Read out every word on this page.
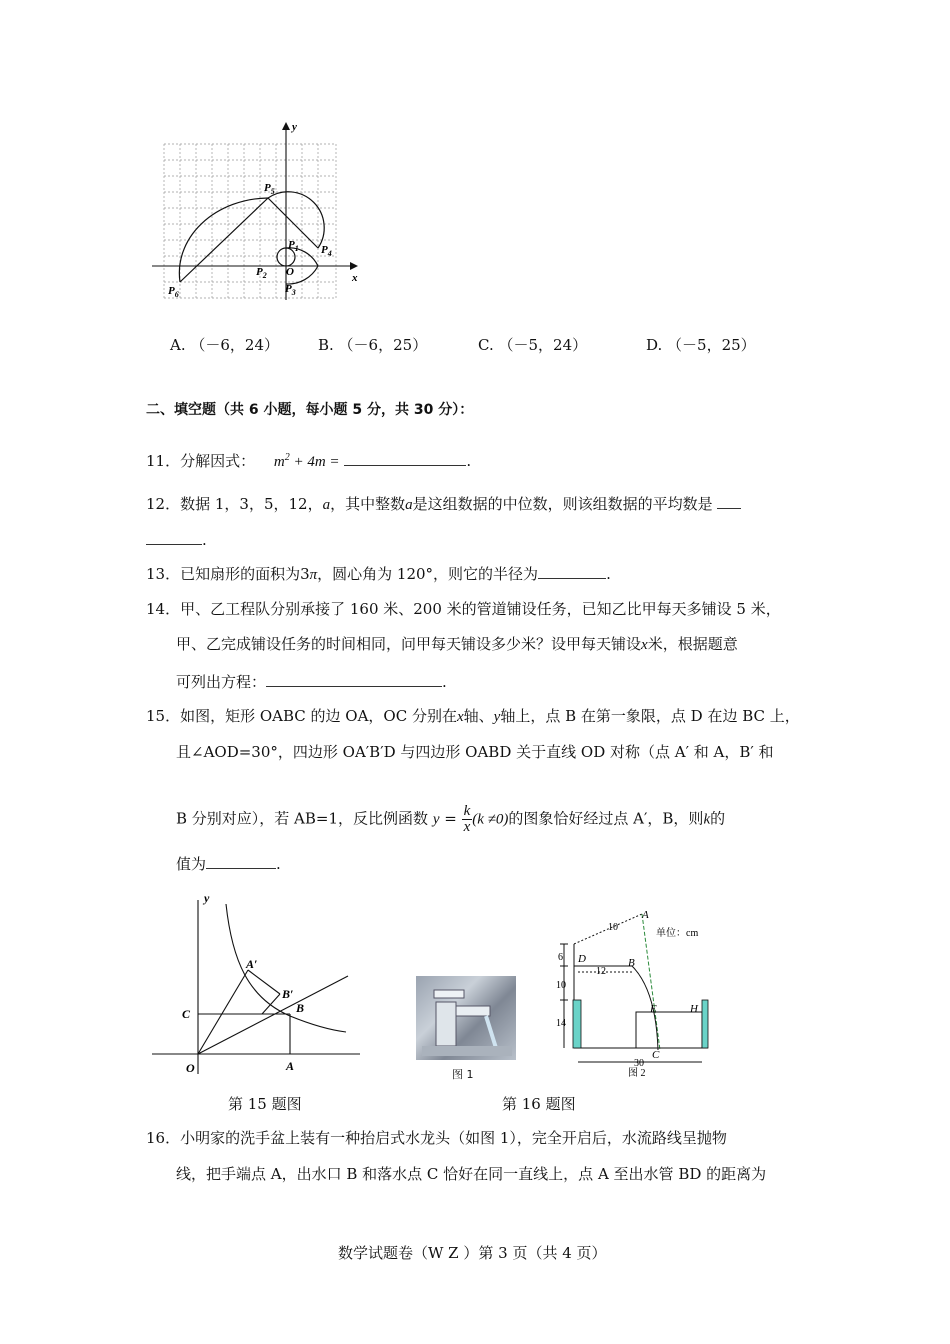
x
y
O
$P_5$
$P_1$ $P_4$
$P_2$
$P_3$
$P_6$
A. （－6，24）	B. （－6，25）	C. （－5，24）	D. （－5，25）
二、填空题（共 6 小题，每小题 5 分，共 30 分）：
11．分解因式： $m^2 + 4m$ =	.
12．数据 1，3，5，12，a，其中整数a是这组数据的中位数，则该组数据的平均数是
.
13．已知扇形的面积为3π，圆心角为 120°，则它的半径为	.
14．甲、乙工程队分别承接了 160 米、200 米的管道铺设任务，已知乙比甲每天多铺设 5 米，
甲、乙完成铺设任务的时间相同，问甲每天铺设多少米？设甲每天铺设x米，根据题意
可列出方程：	.
15．如图，矩形 OABC 的边 OA，OC 分别在x轴、y轴上，点 B 在第一象限，点 D 在边 BC 上，
且∠AOD=30°，四边形 OA′B′D 与四边形 OABD 关于直线 OD 对称（点 A′ 和 A，B′ 和
B 分别对应），若 AB=1，反比例函数 $y = \frac{k}{x} (k \ne 0)$的图象恰好经过点 A′，B，则k的
值为	.
y
O	A
B
C
A′
B′
图 1
单位：cm
10
6
12
10
14
30
图 2
A
B
D
E	H
C
第 15 题图	第 16 题图
16．小明家的洗手盆上装有一种抬启式水龙头（如图 1），完全开启后，水流路线呈抛物
线，把手端点 A，出水口 B 和落水点 C 恰好在同一直线上，点 A 至出水管 BD 的距离为
数学试题卷（W Z ）第 3 页（共 4 页）
